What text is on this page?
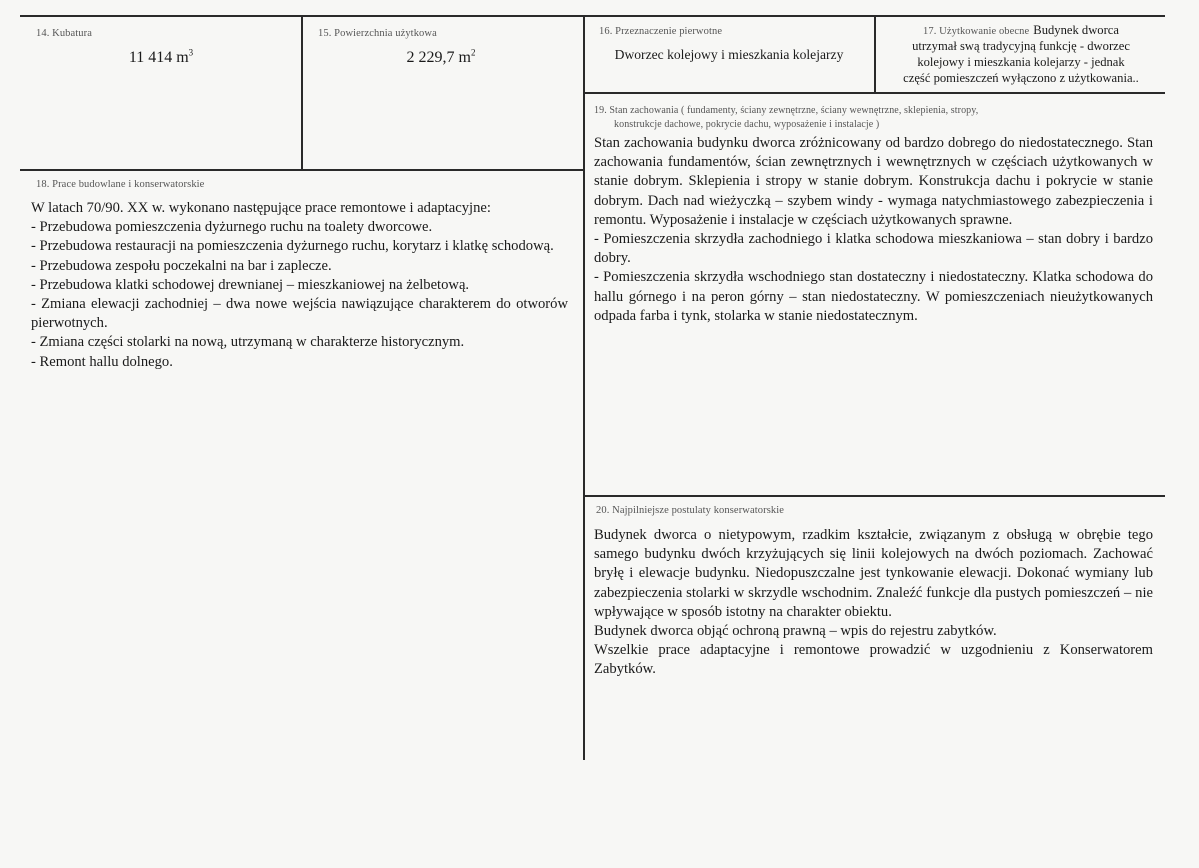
14. Kubatura
11 414 $m^3$
15. Powierzchnia użytkowa
2 229,7 $m^2$
16. Przeznaczenie pierwotne
Dworzec kolejowy i mieszkania kolejarzy
17. Użytkowanie obecne Budynek dworca
utrzymał swą tradycyjną funkcję - dworzec
kolejowy i mieszkania kolejarzy - jednak
część pomieszczeń wyłączono z użytkowania..
18. Prace budowlane i konserwatorskie

W latach 70/90. XX w. wykonano następujące prace remontowe i adaptacyjne:

- Przebudowa pomieszczenia dyżurnego ruchu na toalety dworcowe.

- Przebudowa restauracji na pomieszczenia dyżurnego ruchu, korytarz i klatkę schodową.

- Przebudowa zespołu poczekalni na bar i zaplecze.

- Przebudowa klatki schodowej drewnianej – mieszkaniowej na żelbetową.

- Zmiana elewacji zachodniej – dwa nowe wejścia nawiązujące charakterem do otworów pierwotnych.

- Zmiana części stolarki na nową, utrzymaną w charakterze historycznym.

- Remont hallu dolnego.

19. Stan zachowania ( fundamenty, ściany zewnętrzne, ściany wewnętrzne, sklepienia, stropy,
konstrukcje dachowe, pokrycie dachu, wyposażenie i instalacje )

Stan zachowania budynku dworca zróżnicowany od bardzo dobrego do niedostatecznego. Stan zachowania fundamentów, ścian zewnętrznych i wewnętrznych w częściach użytkowanych w stanie dobrym. Sklepienia i stropy w stanie dobrym. Konstrukcja dachu i pokrycie w stanie dobrym. Dach nad wieżyczką – szybem windy - wymaga natychmiastowego zabezpieczenia i remontu. Wyposażenie i instalacje w częściach użytkowanych sprawne.

- Pomieszczenia skrzydła zachodniego i klatka schodowa mieszkaniowa – stan dobry i bardzo dobry.

- Pomieszczenia skrzydła wschodniego stan dostateczny i niedostateczny. Klatka schodowa do hallu górnego i na peron górny – stan niedostateczny. W pomieszczeniach nieużytkowanych odpada farba i tynk, stolarka w stanie niedostatecznym.

20. Najpilniejsze postulaty konserwatorskie

Budynek dworca o nietypowym, rzadkim kształcie, związanym z obsługą w obrębie tego samego budynku dwóch krzyżujących się linii kolejowych na dwóch poziomach. Zachować bryłę i elewacje budynku. Niedopuszczalne jest tynkowanie elewacji. Dokonać wymiany lub zabezpieczenia stolarki w skrzydle wschodnim. Znaleźć funkcje dla pustych pomieszczeń – nie wpływające w sposób istotny na charakter obiektu.

Budynek dworca objąć ochroną prawną – wpis do rejestru zabytków.

Wszelkie prace adaptacyjne i remontowe prowadzić w uzgodnieniu z Konserwatorem Zabytków.
